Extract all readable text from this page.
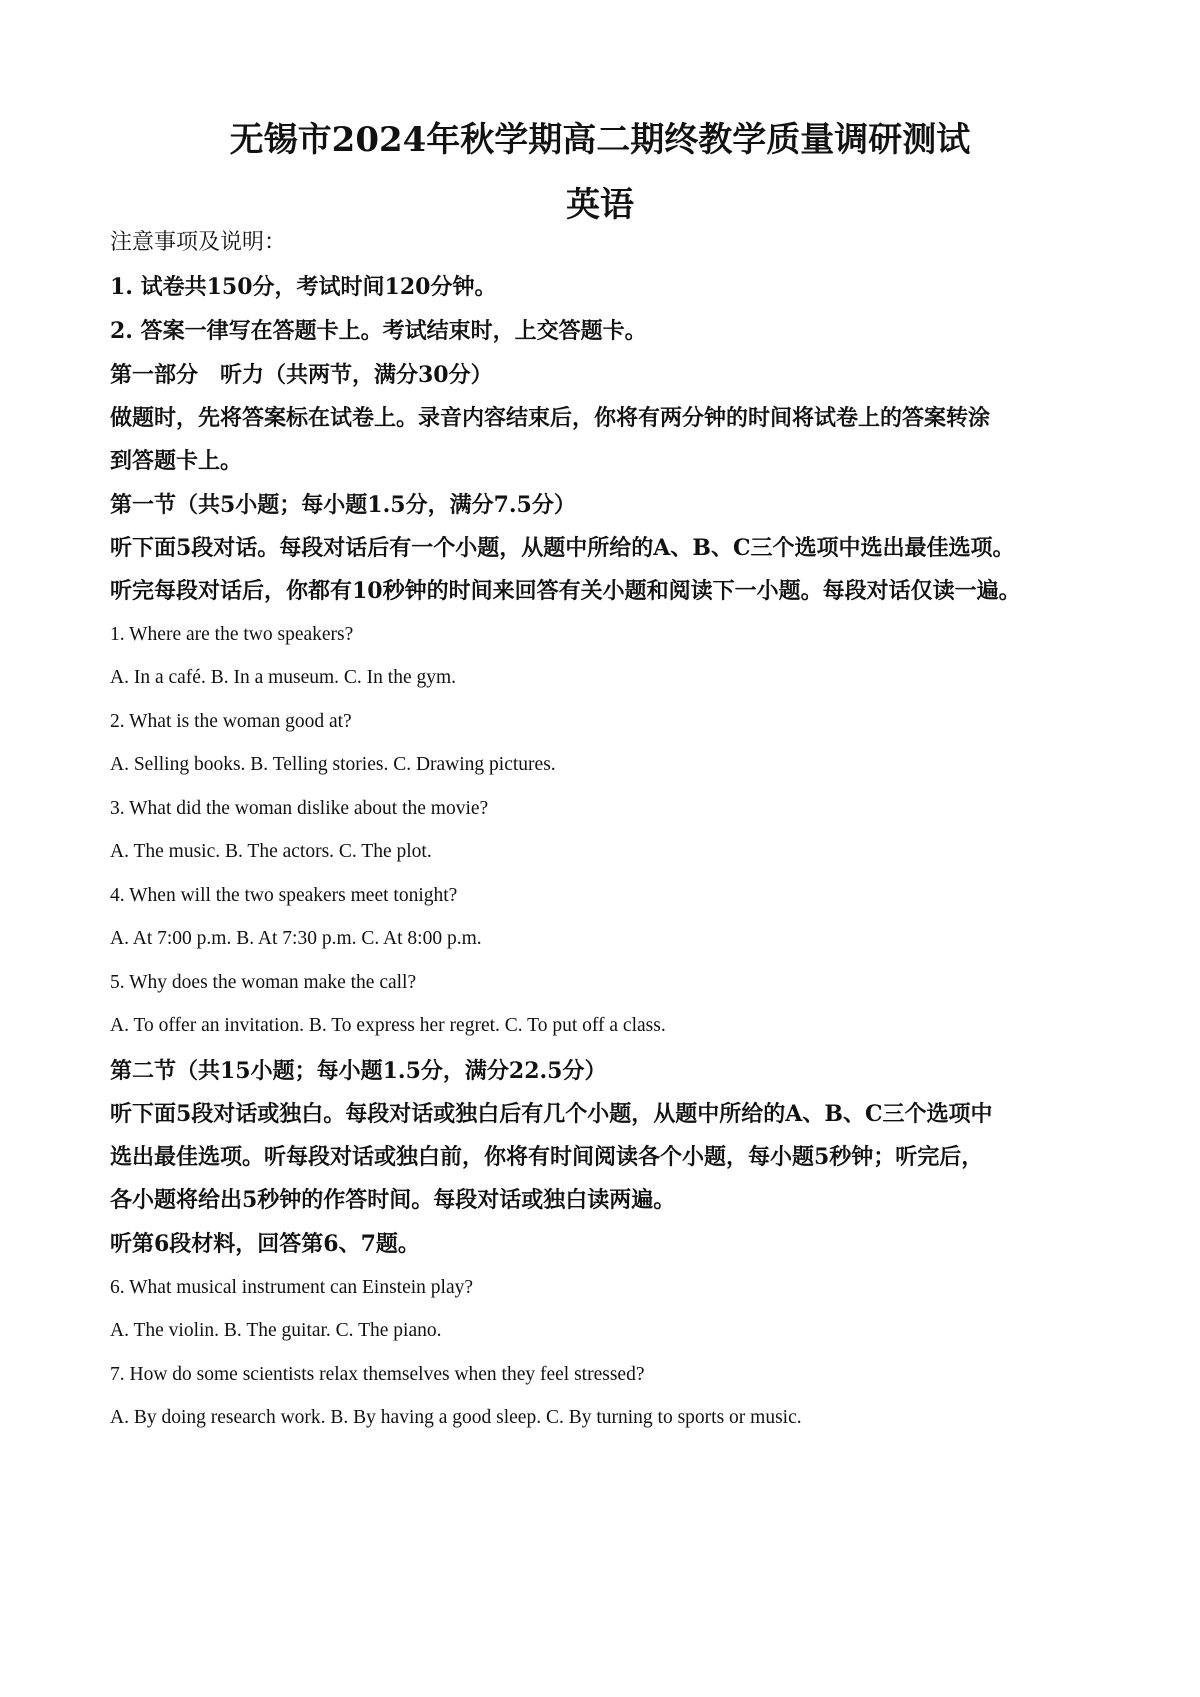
无锡市2024年秋学期高二期终教学质量调研测试
英语

注意事项及说明：

1. 试卷共150分，考试时间120分钟。

2. 答案一律写在答题卡上。考试结束时，上交答题卡。

第一部分　听力（共两节，满分30分）

做题时，先将答案标在试卷上。录音内容结束后，你将有两分钟的时间将试卷上的答案转涂

到答题卡上。

第一节（共5小题；每小题1.5分，满分7.5分）

听下面5段对话。每段对话后有一个小题，从题中所给的A、B、C三个选项中选出最佳选项。

听完每段对话后，你都有10秒钟的时间来回答有关小题和阅读下一小题。每段对话仅读一遍。

1. Where are the two speakers?

A. In a café. B. In a museum. C. In the gym.

2. What is the woman good at?

A. Selling books. B. Telling stories. C. Drawing pictures.

3. What did the woman dislike about the movie?

A. The music. B. The actors. C. The plot.

4. When will the two speakers meet tonight?

A. At 7:00 p.m. B. At 7:30 p.m. C. At 8:00 p.m.

5. Why does the woman make the call?

A. To offer an invitation. B. To express her regret. C. To put off a class.

第二节（共15小题；每小题1.5分，满分22.5分）

听下面5段对话或独白。每段对话或独白后有几个小题，从题中所给的A、B、C三个选项中

选出最佳选项。听每段对话或独白前，你将有时间阅读各个小题，每小题5秒钟；听完后，

各小题将给出5秒钟的作答时间。每段对话或独白读两遍。

听第6段材料，回答第6、7题。

6. What musical instrument can Einstein play?

A. The violin. B. The guitar. C. The piano.

7. How do some scientists relax themselves when they feel stressed?

A. By doing research work. B. By having a good sleep. C. By turning to sports or music.
